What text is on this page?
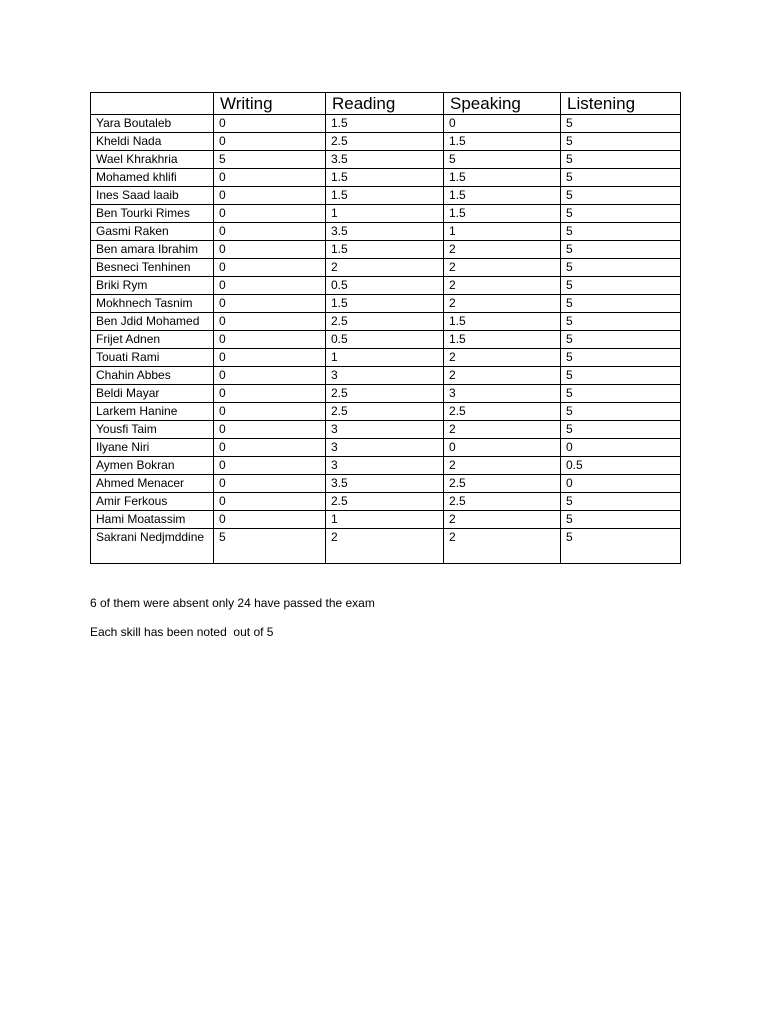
	Writing	Reading	Speaking	Listening
Yara Boutaleb	0	1.5	0	5
Kheldi Nada	0	2.5	1.5	5
Wael Khrakhria	5	3.5	5	5
Mohamed khlifi	0	1.5	1.5	5
Ines Saad laaib	0	1.5	1.5	5
Ben Tourki Rimes	0	1	1.5	5
Gasmi Raken	0	3.5	1	5
Ben amara Ibrahim	0	1.5	2	5
Besneci Tenhinen	0	2	2	5
Briki Rym	0	0.5	2	5
Mokhnech Tasnim	0	1.5	2	5
Ben Jdid Mohamed	0	2.5	1.5	5
Frijet Adnen	0	0.5	1.5	5
Touati Rami	0	1	2	5
Chahin Abbes	0	3	2	5
Beldi Mayar	0	2.5	3	5
Larkem Hanine	0	2.5	2.5	5
Yousfi Taim	0	3	2	5
Ilyane Niri	0	3	0	0
Aymen Bokran	0	3	2	0.5
Ahmed Menacer	0	3.5	2.5	0
Amir Ferkous	0	2.5	2.5	5
Hami Moatassim	0	1	2	5
Sakrani Nedjmddine	5	2	2	5

6 of them were absent only 24 have passed the exam

Each skill has been noted  out of 5
